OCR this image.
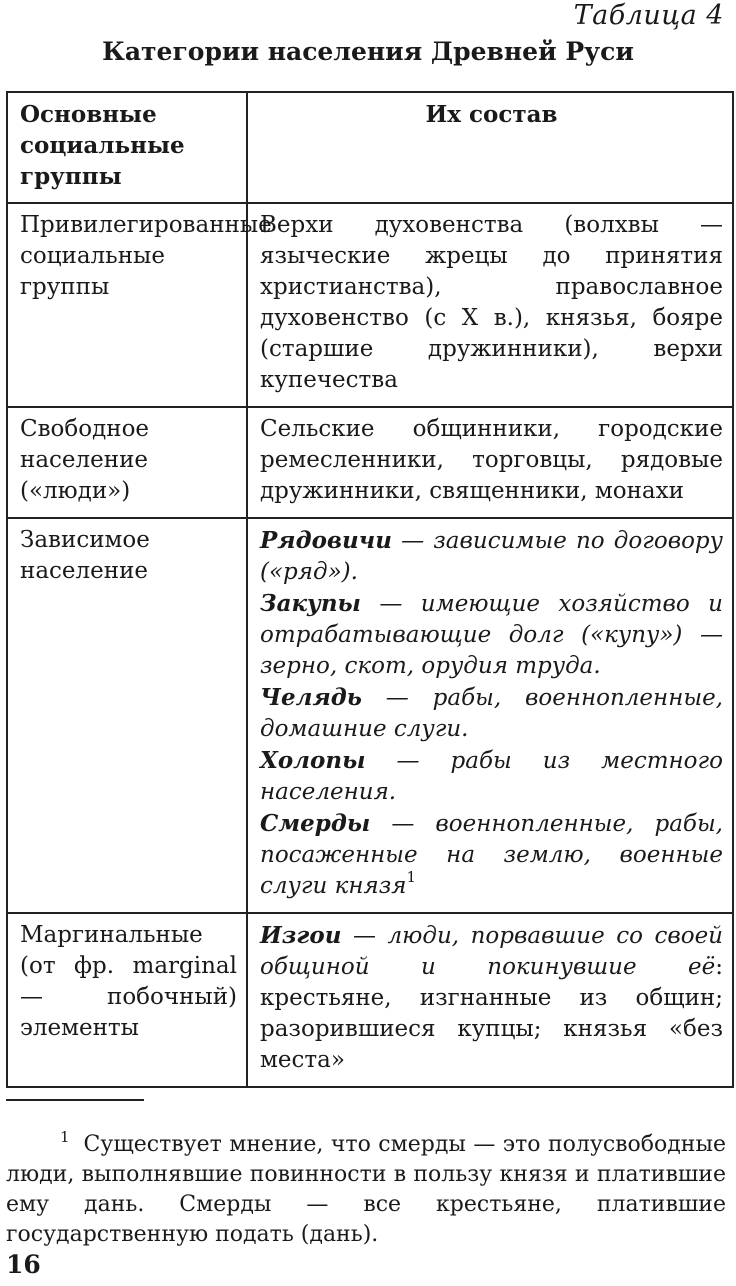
Таблица 4
Категории населения Древней Руси
Основные социальные группы	Их состав
Привилегированные социальные группы	Верхи духовенства (волхвы — языческие жрецы до принятия христианства), православное духовенство (с X в.), князья, бояре (старшие дружинники), верхи купечества
Свободное население («люди»)	Сельские общинники, городские ремесленники, торговцы, рядовые дружинники, священники, монахи
Зависимое население	Рядовичи — зависимые по договору («ряд»).
Закупы — имеющие хозяйство и отрабатывающие долг («купу») — зерно, скот, орудия труда.
Челядь — рабы, военнопленные, домашние слуги.
Холопы — рабы из местного населения.
Смерды — военнопленные, рабы, посаженные на землю, военные слуги князя$^1$

Маргинальные (от фр. marginal — побочный) элементы	Изгои — люди, порвавшие со своей общиной и покинувшие её: крестьяне, изгнанные из общин; разорившиеся купцы; князья «без места»
$^1$ Существует мнение, что смерды — это полусвободные люди, выполнявшие повинности в пользу князя и платившие ему дань. Смерды — все крестьяне, платившие государственную подать (дань).
16
